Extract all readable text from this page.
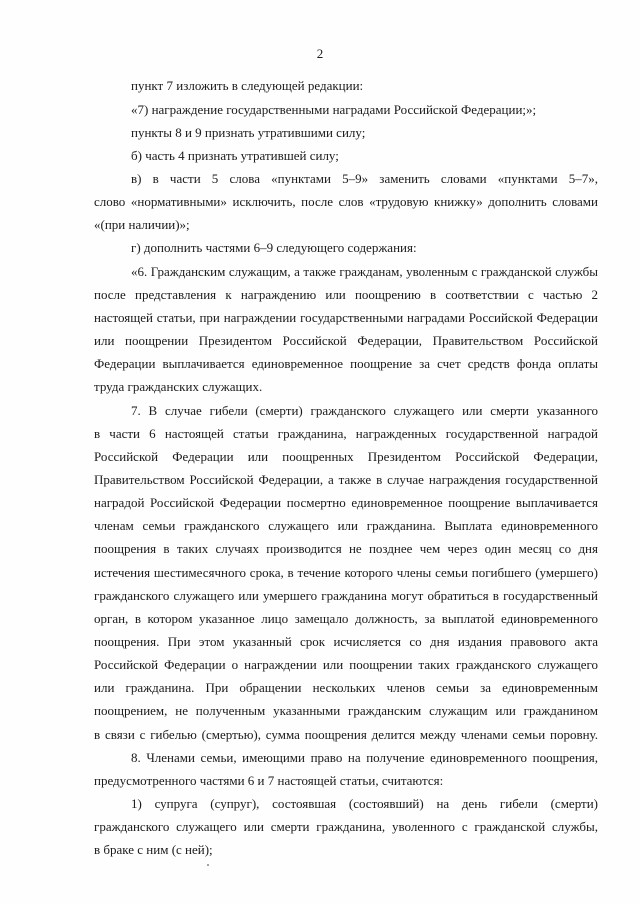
2
пункт 7 изложить в следующей редакции:
«7) награждение государственными наградами Российской Федерации;»;
пункты 8 и 9 признать утратившими силу;
б) часть 4 признать утратившей силу;
в) в части 5 слова «пунктами 5–9» заменить словами «пунктами 5–7»,
слово «нормативными» исключить, после слов «трудовую книжку» дополнить словами
«(при наличии)»;
г) дополнить частями 6–9 следующего содержания:
«6. Гражданским служащим, а также гражданам, уволенным с гражданской службы
после представления к награждению или поощрению в соответствии с частью 2
настоящей статьи, при награждении государственными наградами Российской Федерации
или поощрении Президентом Российской Федерации, Правительством Российской
Федерации выплачивается единовременное поощрение за счет средств фонда оплаты
труда гражданских служащих.
7. В случае гибели (смерти) гражданского служащего или смерти указанного
в части 6 настоящей статьи гражданина, награжденных государственной наградой
Российской Федерации или поощренных Президентом Российской Федерации,
Правительством Российской Федерации, а также в случае награждения государственной
наградой Российской Федерации посмертно единовременное поощрение выплачивается
членам семьи гражданского служащего или гражданина. Выплата единовременного
поощрения в таких случаях производится не позднее чем через один месяц со дня
истечения шестимесячного срока, в течение которого члены семьи погибшего (умершего)
гражданского служащего или умершего гражданина могут обратиться в государственный
орган, в котором указанное лицо замещало должность, за выплатой единовременного
поощрения. При этом указанный срок исчисляется со дня издания правового акта
Российской Федерации о награждении или поощрении таких гражданского служащего
или гражданина. При обращении нескольких членов семьи за единовременным
поощрением, не полученным указанными гражданским служащим или гражданином
в связи с гибелью (смертью), сумма поощрения делится между членами семьи поровну.
8. Членами семьи, имеющими право на получение единовременного поощрения,
предусмотренного частями 6 и 7 настоящей статьи, считаются:
1) супруга (супруг), состоявшая (состоявший) на день гибели (смерти)
гражданского служащего или смерти гражданина, уволенного с гражданской службы,
в браке с ним (с ней);
